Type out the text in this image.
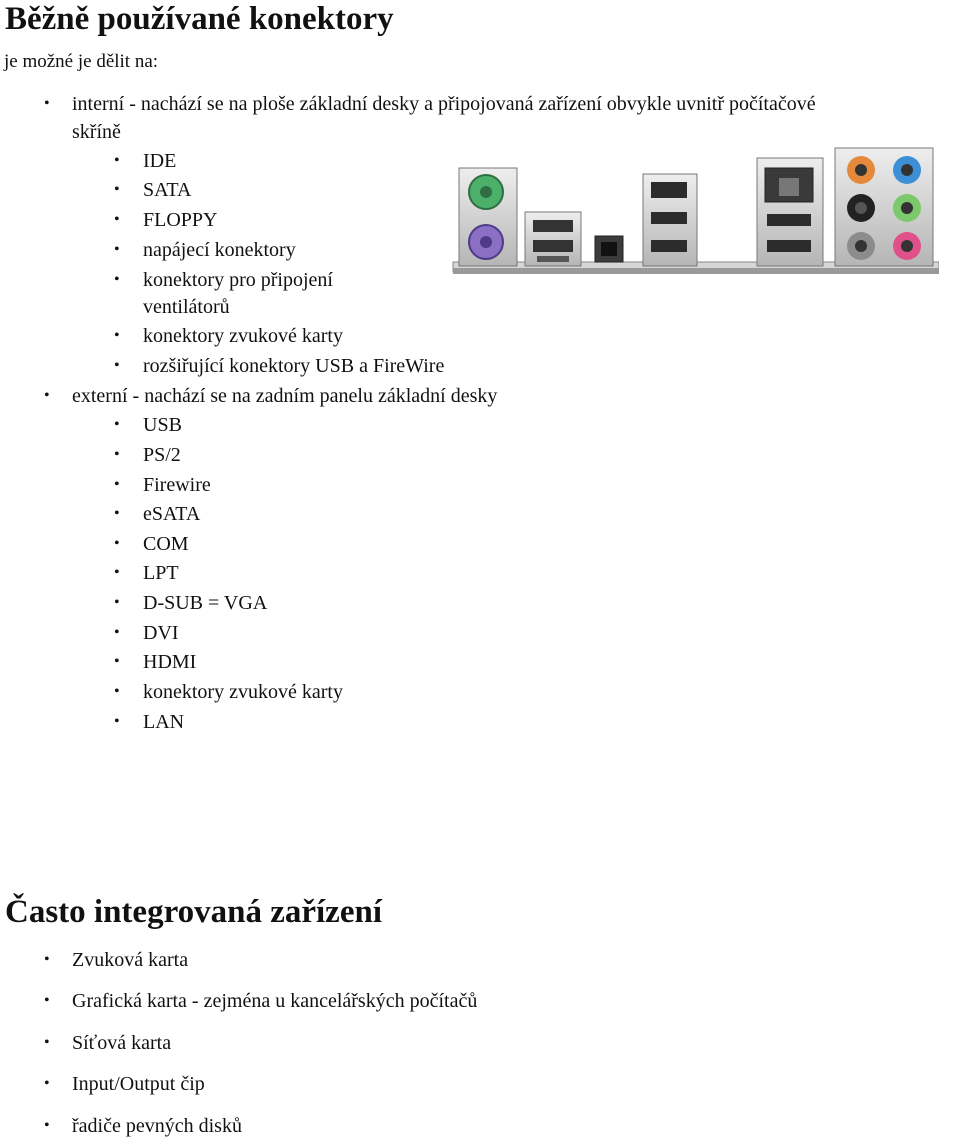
Běžně používané konektory
je možné je dělit na:
• interní - nachází se na ploše základní desky a připojovaná zařízení obvykle uvnitř počítačové
skříně
• IDE
• SATA
• FLOPPY
• napájecí konektory
• konektory pro připojení
ventilátorů
• konektory zvukové karty
• rozšiřující konektory USB a FireWire
• externí - nachází se na zadním panelu základní desky
• USB
• PS/2
• Firewire
• eSATA
• COM
• LPT
• D-SUB = VGA
• DVI
• HDMI
• konektory zvukové karty
• LAN
Často integrovaná zařízení
• Zvuková karta
• Grafická karta - zejména u kancelářských počítačů
• Síťová karta
• Input/Output čip
• řadiče pevných disků
